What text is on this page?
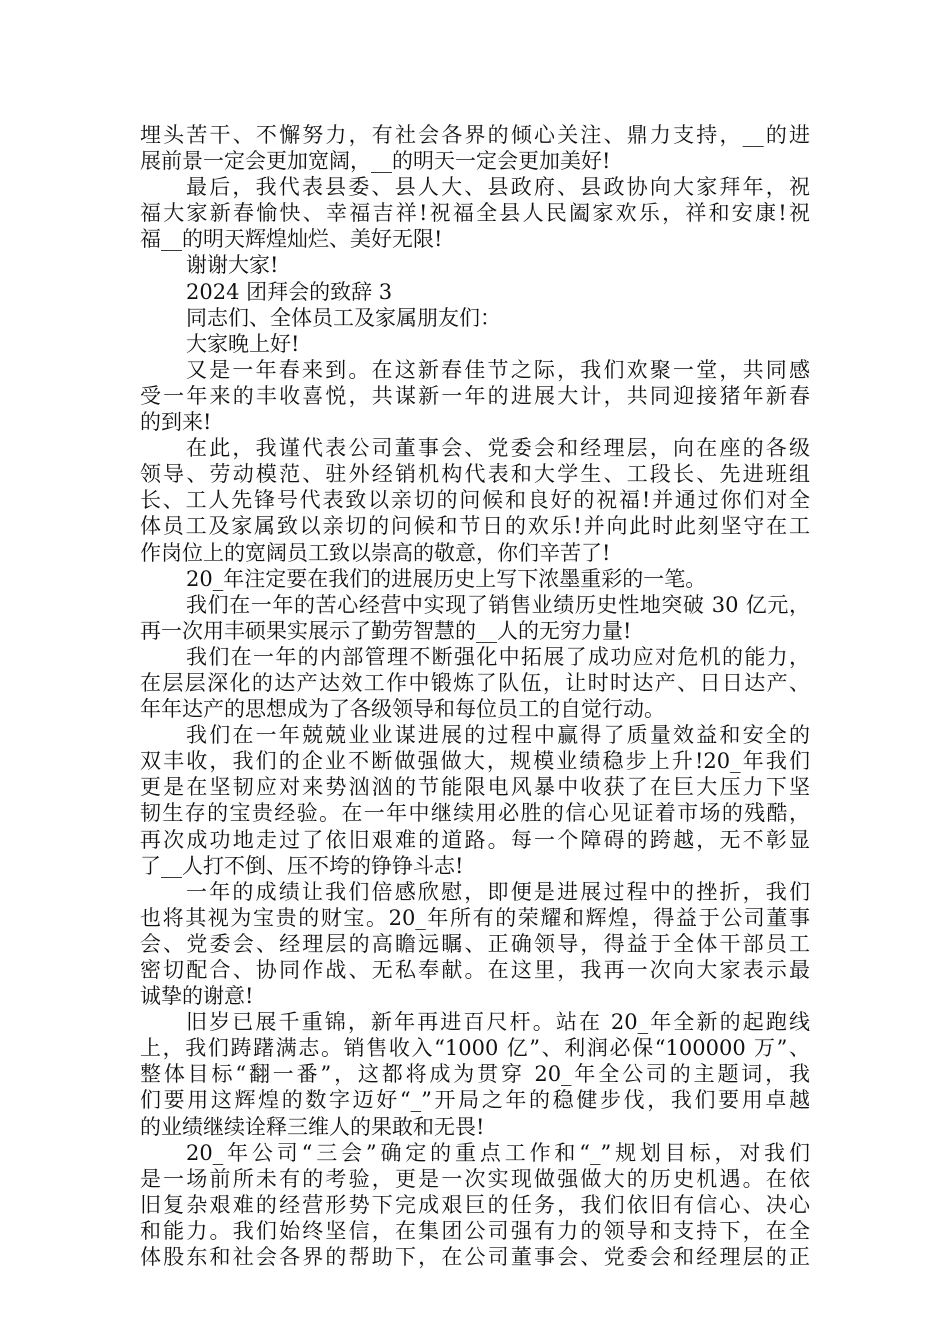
埋头苦干、不懈努力，有社会各界的倾心关注、鼎力支持，__的进
展前景一定会更加宽阔，__的明天一定会更加美好!
最后，我代表县委、县人大、县政府、县政协向大家拜年，祝
福大家新春愉快、幸福吉祥!祝福全县人民阖家欢乐，祥和安康!祝
福__的明天辉煌灿烂、美好无限!
谢谢大家!
2024 团拜会的致辞 3
同志们、全体员工及家属朋友们：
大家晚上好!
又是一年春来到。在这新春佳节之际，我们欢聚一堂，共同感
受一年来的丰收喜悦，共谋新一年的进展大计，共同迎接猪年新春
的到来!
在此，我谨代表公司董事会、党委会和经理层，向在座的各级
领导、劳动模范、驻外经销机构代表和大学生、工段长、先进班组
长、工人先锋号代表致以亲切的问候和良好的祝福!并通过你们对全
体员工及家属致以亲切的问候和节日的欢乐!并向此时此刻坚守在工
作岗位上的宽阔员工致以崇高的敬意，你们辛苦了!
20_年注定要在我们的进展历史上写下浓墨重彩的一笔。
我们在一年的苦心经营中实现了销售业绩历史性地突破 30 亿元，
再一次用丰硕果实展示了勤劳智慧的__人的无穷力量!
我们在一年的内部管理不断强化中拓展了成功应对危机的能力，
在层层深化的达产达效工作中锻炼了队伍，让时时达产、日日达产、
年年达产的思想成为了各级领导和每位员工的自觉行动。
我们在一年兢兢业业谋进展的过程中赢得了质量效益和安全的
双丰收，我们的企业不断做强做大，规模业绩稳步上升!20_年我们
更是在坚韧应对来势汹汹的节能限电风暴中收获了在巨大压力下坚
韧生存的宝贵经验。在一年中继续用必胜的信心见证着市场的残酷，
再次成功地走过了依旧艰难的道路。每一个障碍的跨越，无不彰显
了__人打不倒、压不垮的铮铮斗志!
一年的成绩让我们倍感欣慰，即便是进展过程中的挫折，我们
也将其视为宝贵的财宝。20_年所有的荣耀和辉煌，得益于公司董事
会、党委会、经理层的高瞻远瞩、正确领导，得益于全体干部员工
密切配合、协同作战、无私奉献。在这里，我再一次向大家表示最
诚挚的谢意!
旧岁已展千重锦，新年再进百尺杆。站在 20_年全新的起跑线
上，我们踌躇满志。销售收入“1000 亿”、利润必保“100000 万”、
整体目标“翻一番”，这都将成为贯穿 20_年全公司的主题词，我
们要用这辉煌的数字迈好“_”开局之年的稳健步伐，我们要用卓越
的业绩继续诠释三维人的果敢和无畏!
20_年公司“三会”确定的重点工作和“_”规划目标，对我们
是一场前所未有的考验，更是一次实现做强做大的历史机遇。在依
旧复杂艰难的经营形势下完成艰巨的任务，我们依旧有信心、决心
和能力。我们始终坚信，在集团公司强有力的领导和支持下，在全
体股东和社会各界的帮助下，在公司董事会、党委会和经理层的正
